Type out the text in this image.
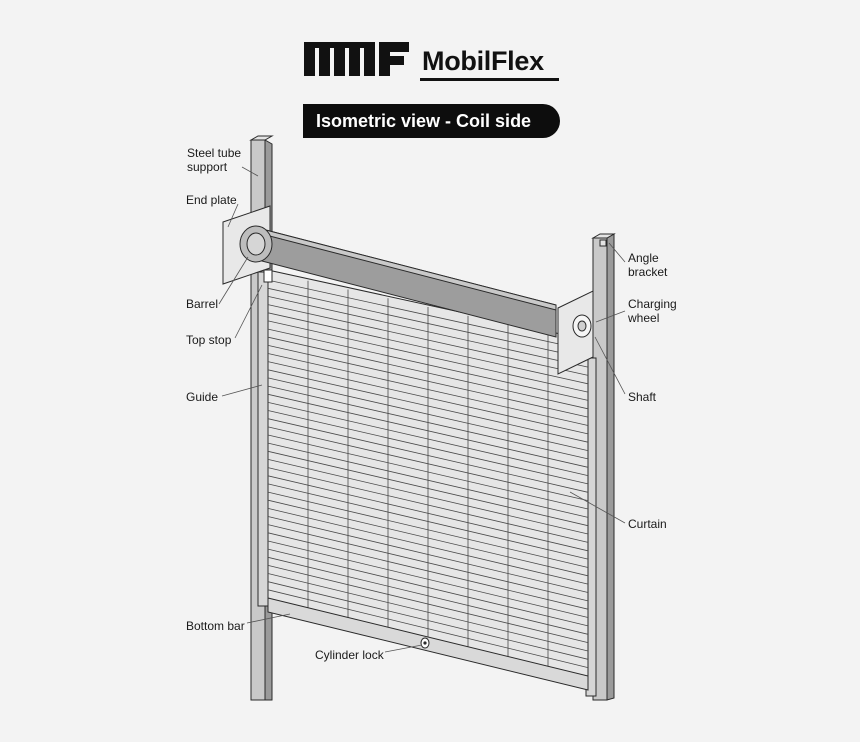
MobilFlex
Isometric view - Coil side
Steel tube
support
End plate
Barrel
Top stop
Guide
Bottom bar
Cylinder lock
Angle
bracket
Charging
wheel
Shaft
Curtain
